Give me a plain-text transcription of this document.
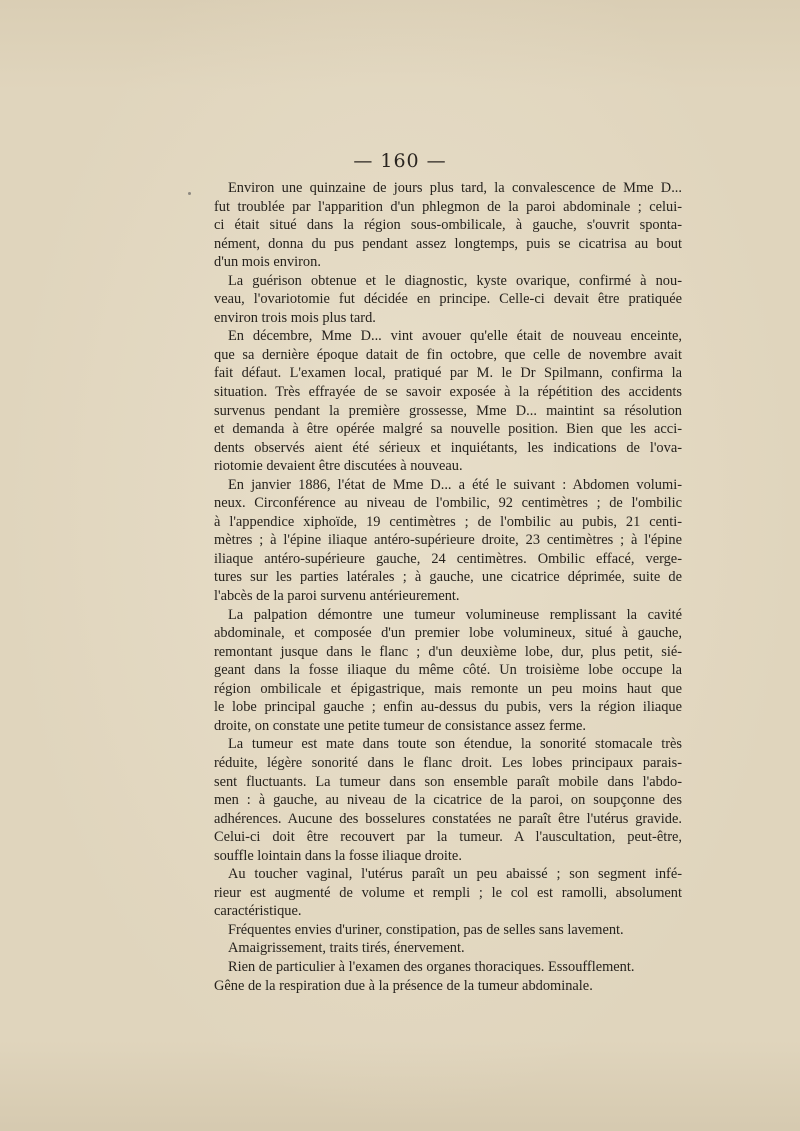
— 160 —
Environ une quinzaine de jours plus tard, la convalescence de Mme D...
fut troublée par l'apparition d'un phlegmon de la paroi abdominale ; celui-
ci était situé dans la région sous-ombilicale, à gauche, s'ouvrit sponta-
nément, donna du pus pendant assez longtemps, puis se cicatrisa au bout
d'un mois environ.
La guérison obtenue et le diagnostic, kyste ovarique, confirmé à nou-
veau, l'ovariotomie fut décidée en principe. Celle-ci devait être pratiquée
environ trois mois plus tard.
En décembre, Mme D... vint avouer qu'elle était de nouveau enceinte,
que sa dernière époque datait de fin octobre, que celle de novembre avait
fait défaut. L'examen local, pratiqué par M. le Dr Spilmann, confirma la
situation. Très effrayée de se savoir exposée à la répétition des accidents
survenus pendant la première grossesse, Mme D... maintint sa résolution
et demanda à être opérée malgré sa nouvelle position. Bien que les acci-
dents observés aient été sérieux et inquiétants, les indications de l'ova-
riotomie devaient être discutées à nouveau.
En janvier 1886, l'état de Mme D... a été le suivant : Abdomen volumi-
neux. Circonférence au niveau de l'ombilic, 92 centimètres ; de l'ombilic
à l'appendice xiphoïde, 19 centimètres ; de l'ombilic au pubis, 21 centi-
mètres ; à l'épine iliaque antéro-supérieure droite, 23 centimètres ; à l'épine
iliaque antéro-supérieure gauche, 24 centimètres. Ombilic effacé, verge-
tures sur les parties latérales ; à gauche, une cicatrice déprimée, suite de
l'abcès de la paroi survenu antérieurement.
La palpation démontre une tumeur volumineuse remplissant la cavité
abdominale, et composée d'un premier lobe volumineux, situé à gauche,
remontant jusque dans le flanc ; d'un deuxième lobe, dur, plus petit, sié-
geant dans la fosse iliaque du même côté. Un troisième lobe occupe la
région ombilicale et épigastrique, mais remonte un peu moins haut que
le lobe principal gauche ; enfin au-dessus du pubis, vers la région iliaque
droite, on constate une petite tumeur de consistance assez ferme.
La tumeur est mate dans toute son étendue, la sonorité stomacale très
réduite, légère sonorité dans le flanc droit. Les lobes principaux parais-
sent fluctuants. La tumeur dans son ensemble paraît mobile dans l'abdo-
men : à gauche, au niveau de la cicatrice de la paroi, on soupçonne des
adhérences. Aucune des bosselures constatées ne paraît être l'utérus gravide.
Celui-ci doit être recouvert par la tumeur. A l'auscultation, peut-être,
souffle lointain dans la fosse iliaque droite.
Au toucher vaginal, l'utérus paraît un peu abaissé ; son segment infé-
rieur est augmenté de volume et rempli ; le col est ramolli, absolument
caractéristique.
Fréquentes envies d'uriner, constipation, pas de selles sans lavement.
Amaigrissement, traits tirés, énervement.
Rien de particulier à l'examen des organes thoraciques. Essoufflement.
Gêne de la respiration due à la présence de la tumeur abdominale.
